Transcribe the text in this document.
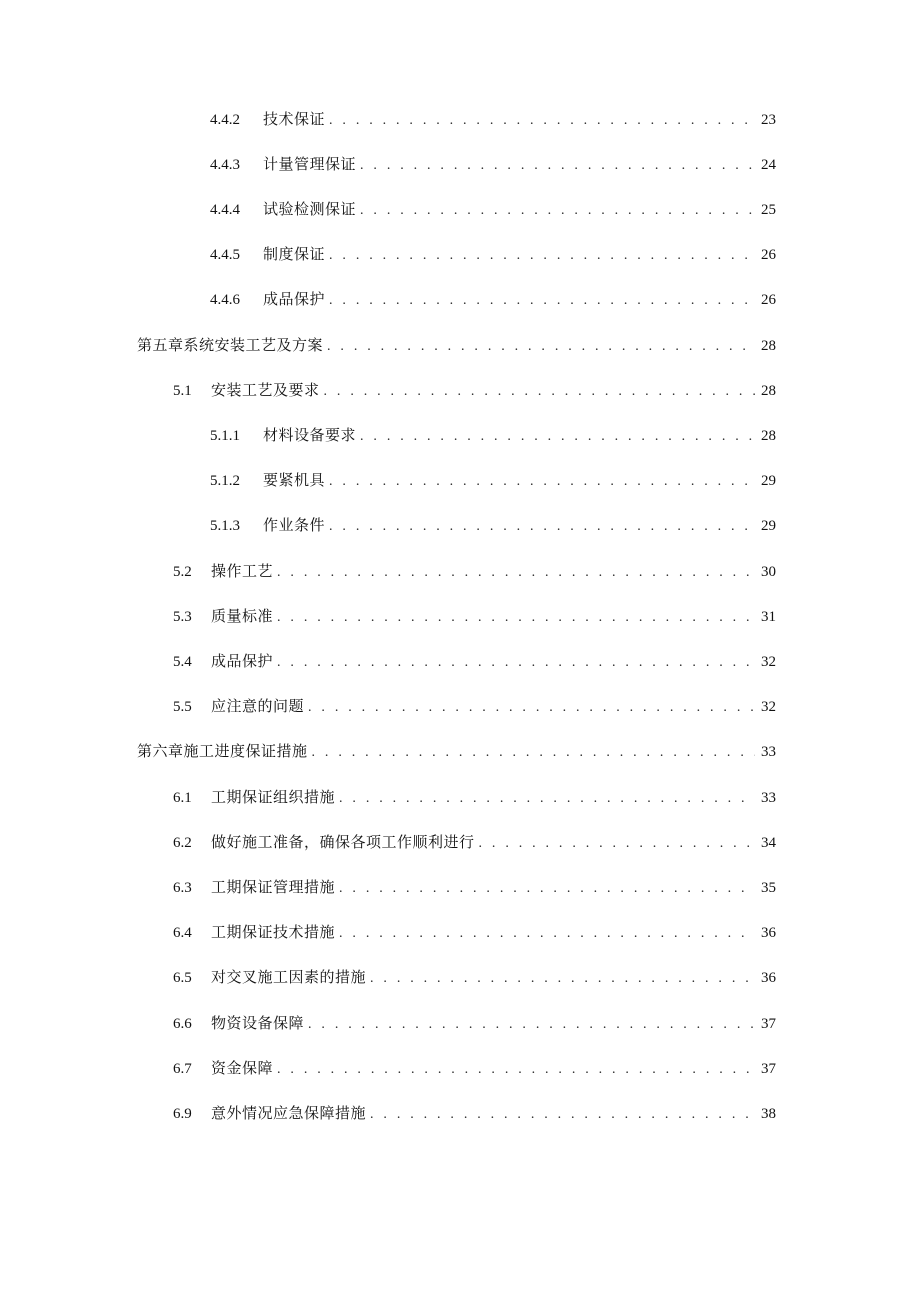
4.4.2	技术保证 . . .	23
4.4.3	计量管理保证 . . .	24
4.4.4	试验检测保证 . . .	25
4.4.5	制度保证 . . .	26
4.4.6	成品保护 . . .	26
第五章系统安装工艺及方案 . . .	28
5.1	安装工艺及要求 . . .	28
5.1.1	材料设备要求 . . .	28
5.1.2	要紧机具 . . .	29
5.1.3	作业条件 . . .	29
5.2	操作工艺 . . .	30
5.3	质量标准 . . .	31
5.4	成品保护 . . .	32
5.5	应注意的问题 . . .	32
第六章施工进度保证措施 . . .	33
6.1	工期保证组织措施 . . .	33
6.2	做好施工准备，确保各项工作顺利进行 . . .	34
6.3	工期保证管理措施 . . .	35
6.4	工期保证技术措施 . . .	36
6.5	对交叉施工因素的措施 . . .	36
6.6	物资设备保障 . . .	37
6.7	资金保障 . . .	37
6.9	意外情况应急保障措施 . . .	38
